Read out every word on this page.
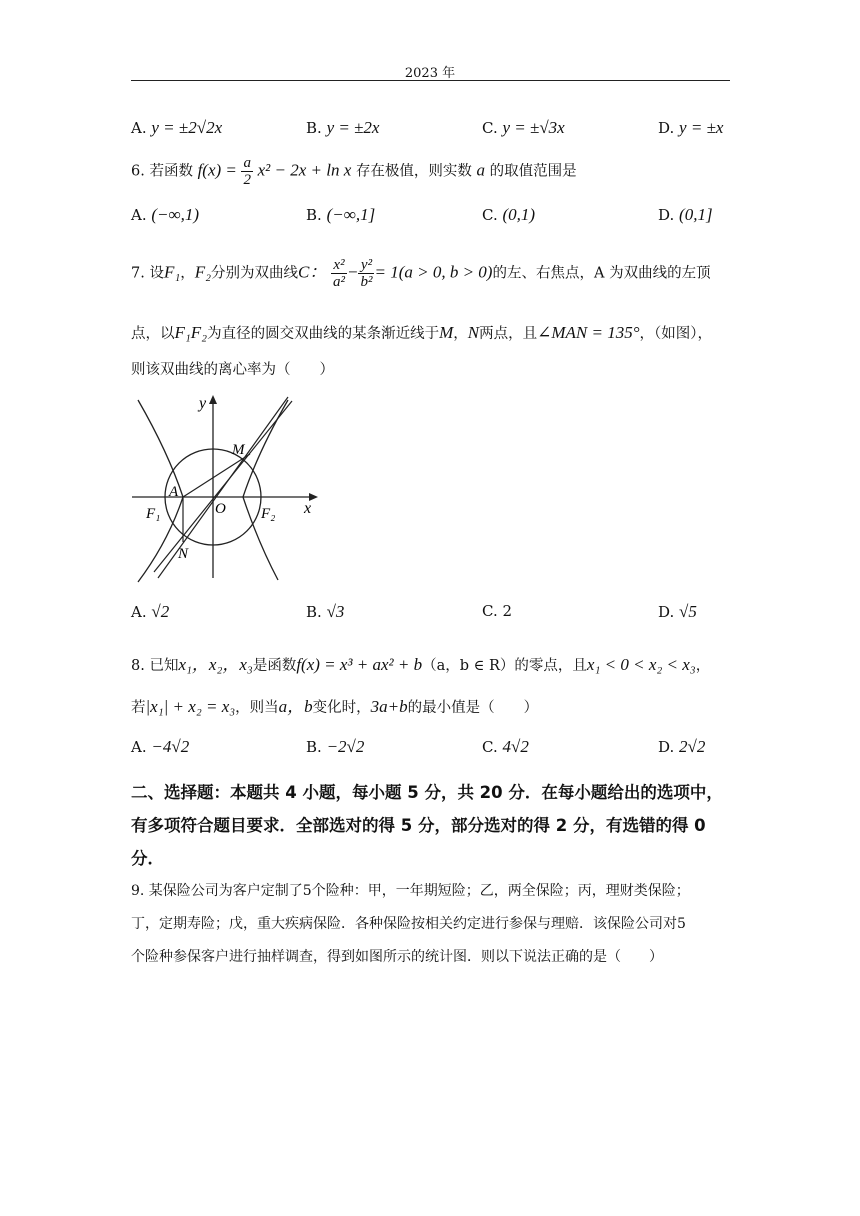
2023 年
A. y = ±2√2x	B. y = ±2x	C. y = ±√3x	D. y = ±x
6. 若函数 $f(x) = \frac{a}{2} x^2 - 2x + \ln x$ 存在极值，则实数 a 的取值范围是
A. (−∞,1)	B. (−∞,1]	C. (0,1)	D. (0,1]
7. 设F₁，F₂分别为双曲线C： $\frac{\text{x²}}{\text{a²}} - \frac{\text{y²}}{\text{b²}} = 1(a > 0$, b > 0)的左、右焦点，A 为双曲线的左顶
点，以F₁F₂为直径的圆交双曲线的某条渐近线于M，N两点，且∠MAN = 135°，（如图），
则该双曲线的离心率为（　　）
y
x
M
A
O
F₁	F₂
N
A. √2	B. √3	C. 2	D. √5
8. 已知x₁，x₂，x₃是函数f(x) = x³ + ax² + b（a，b ∈ R）的零点，且x₁ < 0 < x₂ < x₃，
若|x₁| + x₂ = x₃，则当a，b变化时，3a+b的最小值是（　　）
A. −4√2	B. −2√2	C. 4√2	D. 2√2
二、选择题：本题共 4 小题，每小题 5 分，共 20 分．在每小题给出的选项中，
有多项符合题目要求．全部选对的得 5 分，部分选对的得 2 分，有选错的得 0
分．
9. 某保险公司为客户定制了5个险种：甲，一年期短险；乙，两全保险；丙，理财类保险；
丁，定期寿险；戊，重大疾病保险．各种保险按相关约定进行参保与理赔．该保险公司对5
个险种参保客户进行抽样调查，得到如图所示的统计图．则以下说法正确的是（　　）
